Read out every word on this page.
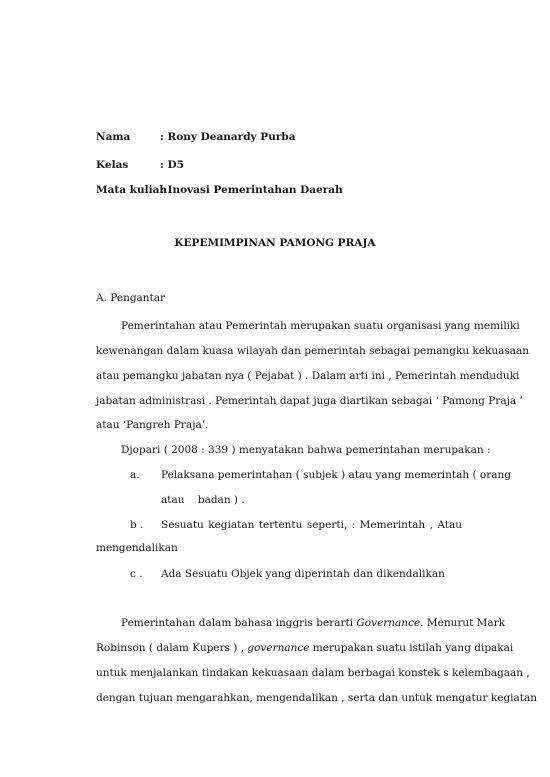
Nama	: Rony Deanardy Purba
Kelas	: D5
Mata kuliah: Inovasi Pemerintahan Daerah
KEPEMIMPINAN PAMONG PRAJA
A. Pengantar
Pemerintahan atau Pemerintah merupakan suatu organisasi yang memiliki
kewenangan dalam kuasa wilayah dan pemerintah sebagai pemangku kekuasaan
atau pemangku jabatan nya ( Pejabat ) . Dalam arti ini , Pemerintah menduduki
jabatan administrasi . Pemerintah dapat juga diartikan sebagai ‘ Pamong Praja ’
atau ‘Pangreh Praja’.
Djopari ( 2008 : 339 ) menyatakan bahwa pemerintahan merupakan :
a. Pelaksana pemerintahan ( subjek ) atau yang memerintah ( orang
atau    badan ) .
b . Sesuatu kegiatan tertentu seperti, : Memerintah , Atau
mengendalikan
c . Ada Sesuatu Objek yang diperintah dan dikendalikan
Pemerintahan dalam bahasa inggris berarti Governance. Menurut Mark
Robinson ( dalam Kupers ) , governance merupakan suatu istilah yang dipakai
untuk menjalankan tindakan kekuasaan dalam berbagai konstek s kelembagaan ,
dengan tujuan mengarahkan, mengendalikan , serta dan untuk mengatur kegiatan
